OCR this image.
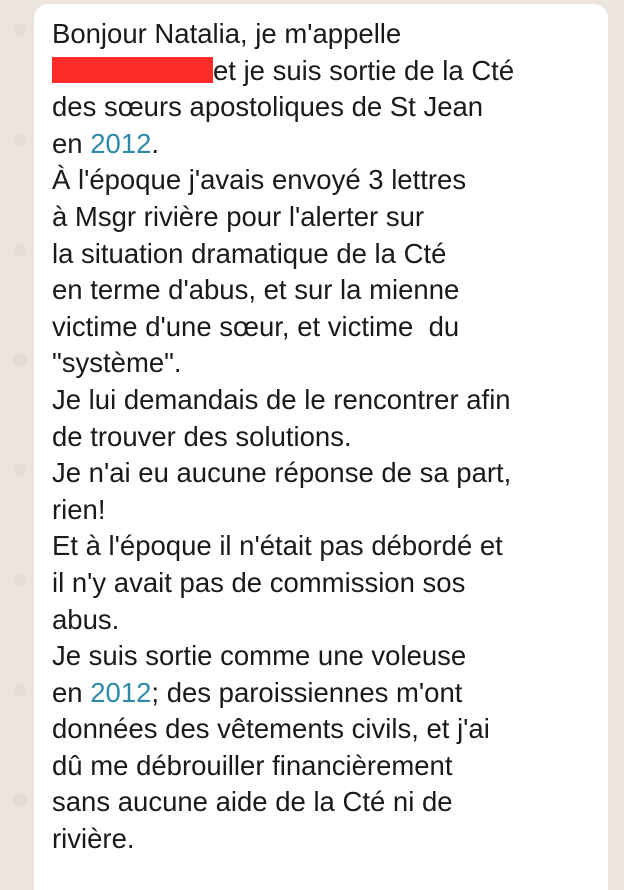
Bonjour Natalia, je m'appelle
et je suis sortie de la Cté
des sœurs apostoliques de St Jean
en 2012.
À l'époque j'avais envoyé 3 lettres
à Msgr rivière pour l'alerter sur
la situation dramatique de la Cté
en terme d'abus, et sur la mienne
victime d'une sœur, et victime  du
"système".
Je lui demandais de le rencontrer afin
de trouver des solutions.
Je n'ai eu aucune réponse de sa part,
rien!
Et à l'époque il n'était pas débordé et
il n'y avait pas de commission sos
abus.
Je suis sortie comme une voleuse
en 2012; des paroissiennes m'ont
données des vêtements civils, et j'ai
dû me débrouiller financièrement
sans aucune aide de la Cté ni de
rivière.
